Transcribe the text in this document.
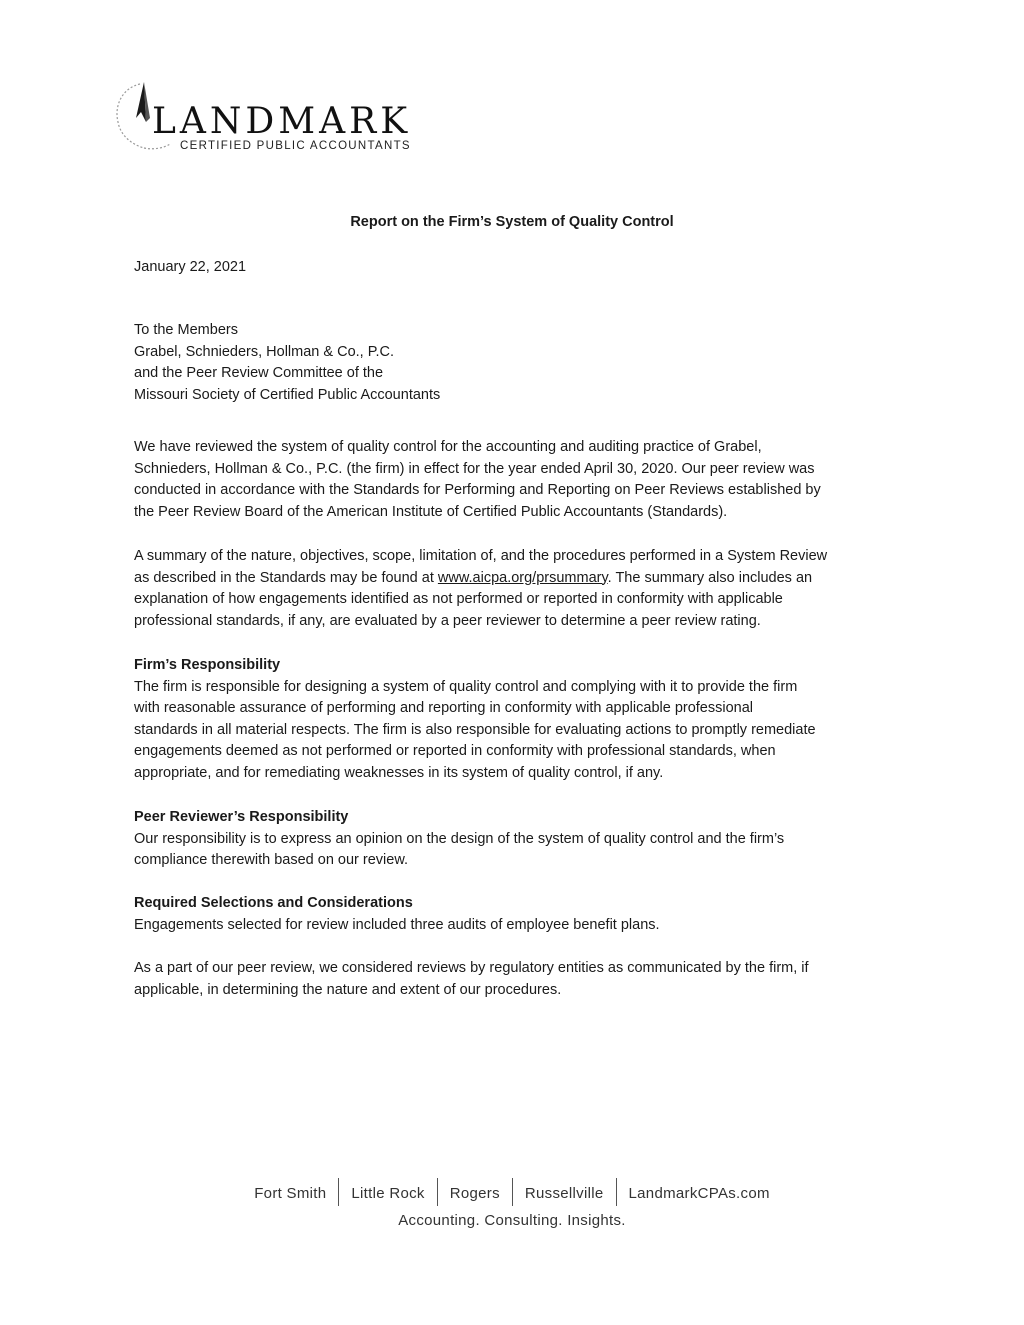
LANDMARK
CERTIFIED PUBLIC ACCOUNTANTS
Report on the Firm’s System of Quality Control
January 22, 2021
To the Members
Grabel, Schnieders, Hollman & Co., P.C.
and the Peer Review Committee of the
Missouri Society of Certified Public Accountants
We have reviewed the system of quality control for the accounting and auditing practice of Grabel,
Schnieders, Hollman & Co., P.C. (the firm) in effect for the year ended April 30, 2020. Our peer review was
conducted in accordance with the Standards for Performing and Reporting on Peer Reviews established by
the Peer Review Board of the American Institute of Certified Public Accountants (Standards).
A summary of the nature, objectives, scope, limitation of, and the procedures performed in a System Review
as described in the Standards may be found at www.aicpa.org/prsummary. The summary also includes an
explanation of how engagements identified as not performed or reported in conformity with applicable
professional standards, if any, are evaluated by a peer reviewer to determine a peer review rating.
Firm’s Responsibility
The firm is responsible for designing a system of quality control and complying with it to provide the firm
with reasonable assurance of performing and reporting in conformity with applicable professional
standards in all material respects. The firm is also responsible for evaluating actions to promptly remediate
engagements deemed as not performed or reported in conformity with professional standards, when
appropriate, and for remediating weaknesses in its system of quality control, if any.
Peer Reviewer’s Responsibility
Our responsibility is to express an opinion on the design of the system of quality control and the firm’s
compliance therewith based on our review.
Required Selections and Considerations
Engagements selected for review included three audits of employee benefit plans.
As a part of our peer review, we considered reviews by regulatory entities as communicated by the firm, if
applicable, in determining the nature and extent of our procedures.
Fort Smith Little Rock Rogers Russellville LandmarkCPAs.com
Accounting. Consulting. Insights.
